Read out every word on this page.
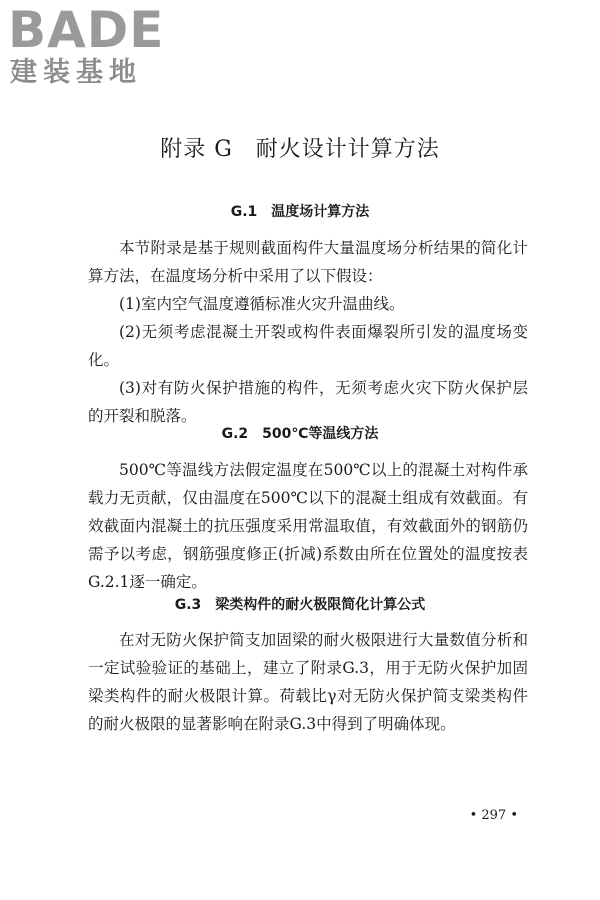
BADE
建装基地
附录 G　耐火设计计算方法
G.1　温度场计算方法
本节附录是基于规则截面构件大量温度场分析结果的简化计算方法，在温度场分析中采用了以下假设：
(1)室内空气温度遵循标准火灾升温曲线。
(2)无须考虑混凝土开裂或构件表面爆裂所引发的温度场变化。
(3)对有防火保护措施的构件，无须考虑火灾下防火保护层的开裂和脱落。
G.2　500℃等温线方法
500℃等温线方法假定温度在500℃以上的混凝土对构件承载力无贡献，仅由温度在500℃以下的混凝土组成有效截面。有效截面内混凝土的抗压强度采用常温取值，有效截面外的钢筋仍需予以考虑，钢筋强度修正(折减)系数由所在位置处的温度按表G.2.1逐一确定。
G.3　梁类构件的耐火极限简化计算公式
在对无防火保护简支加固梁的耐火极限进行大量数值分析和一定试验验证的基础上，建立了附录G.3，用于无防火保护加固梁类构件的耐火极限计算。荷载比γ对无防火保护简支梁类构件的耐火极限的显著影响在附录G.3中得到了明确体现。
• 297 •
